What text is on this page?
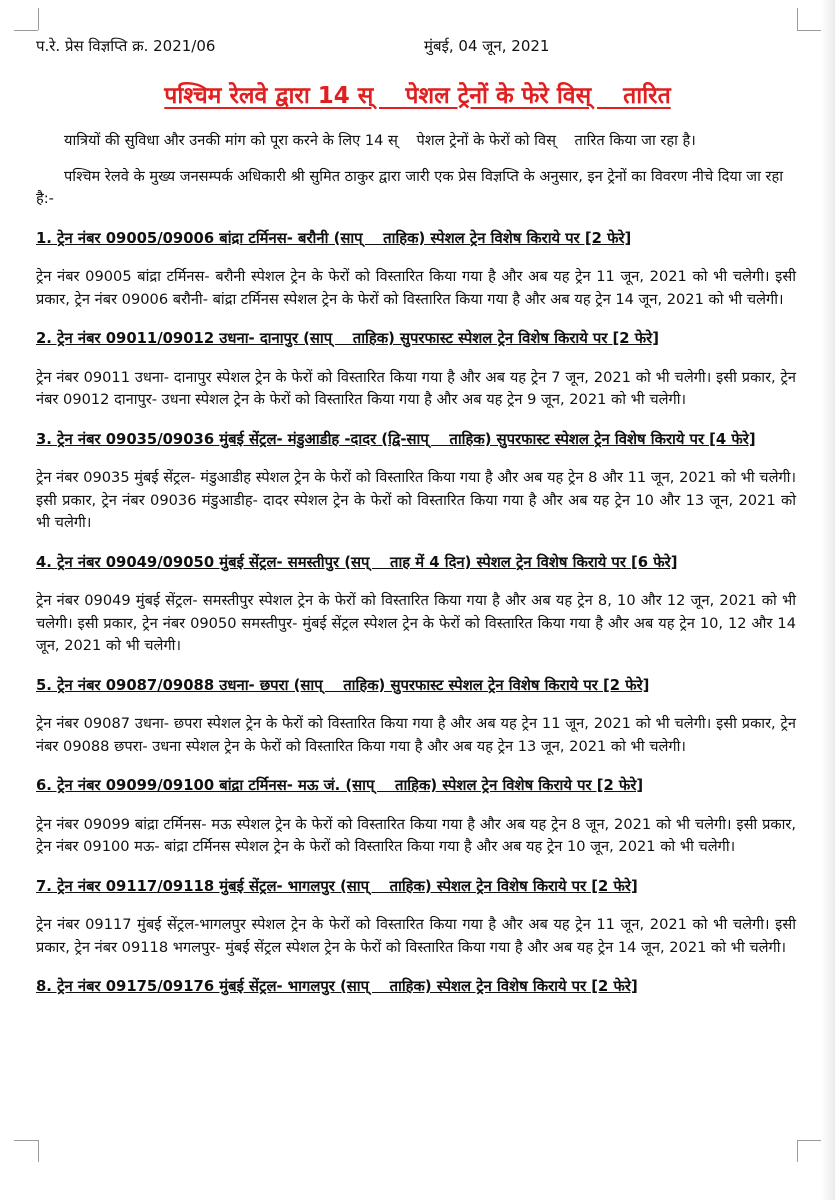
प.रे. प्रेस विज्ञप्ति क्र. 2021/06	मुंबई, 04 जून, 2021
पश्चिम रेलवे द्वारा 14 स्    पेशल ट्रेनों के फेरे विस्    तारित

यात्रियों की सुविधा और उनकी मांग को पूरा करने के लिए 14 स्    पेशल ट्रेनों के फेरों को विस्    तारित किया जा रहा है।

पश्चिम रेलवे के मुख्य जनसम्पर्क अधिकारी श्री सुमित ठाकुर द्वारा जारी एक प्रेस विज्ञप्ति के अनुसार, इन ट्रेनों का विवरण नीचे दिया जा रहा है:-

1. ट्रेन नंबर 09005/09006 बांद्रा टर्मिनस- बरौनी (साप्    ताहिक) स्पेशल ट्रेन विशेष किराये पर [2 फेरे]

ट्रेन नंबर 09005 बांद्रा टर्मिनस- बरौनी स्पेशल ट्रेन के फेरों को विस्तारित किया गया है और अब यह ट्रेन 11 जून, 2021 को भी चलेगी। इसी प्रकार, ट्रेन नंबर 09006 बरौनी- बांद्रा टर्मिनस स्पेशल ट्रेन के फेरों को विस्तारित किया गया है और अब यह ट्रेन 14 जून, 2021 को भी चलेगी।

2. ट्रेन नंबर 09011/09012 उधना- दानापुर (साप्    ताहिक) सुपरफास्ट स्पेशल ट्रेन विशेष किराये पर [2 फेरे]

ट्रेन नंबर 09011 उधना- दानापुर स्पेशल ट्रेन के फेरों को विस्तारित किया गया है और अब यह ट्रेन 7 जून, 2021 को भी चलेगी। इसी प्रकार, ट्रेन नंबर 09012 दानापुर- उधना स्पेशल ट्रेन के फेरों को विस्तारित किया गया है और अब यह ट्रेन 9 जून, 2021 को भी चलेगी।

3. ट्रेन नंबर 09035/09036 मुंबई सेंट्रल- मंडुआडीह -दादर (द्वि-साप्    ताहिक) सुपरफास्ट स्पेशल ट्रेन विशेष किराये पर [4 फेरे]

ट्रेन नंबर 09035 मुंबई सेंट्रल- मंडुआडीह स्पेशल ट्रेन के फेरों को विस्तारित किया गया है और अब यह ट्रेन 8 और 11 जून, 2021 को भी चलेगी। इसी प्रकार, ट्रेन नंबर 09036 मंडुआडीह- दादर स्पेशल ट्रेन के फेरों को विस्तारित किया गया है और अब यह ट्रेन 10 और 13 जून, 2021 को भी चलेगी।

4. ट्रेन नंबर 09049/09050 मुंबई सेंट्रल- समस्तीपुर (सप्    ताह में 4 दिन) स्पेशल ट्रेन विशेष किराये पर [6 फेरे]

ट्रेन नंबर 09049 मुंबई सेंट्रल- समस्तीपुर स्पेशल ट्रेन के फेरों को विस्तारित किया गया है और अब यह ट्रेन 8, 10 और 12 जून, 2021 को भी चलेगी। इसी प्रकार, ट्रेन नंबर 09050 समस्तीपुर- मुंबई सेंट्रल स्पेशल ट्रेन के फेरों को विस्तारित किया गया है और अब यह ट्रेन 10, 12 और 14 जून, 2021 को भी चलेगी।

5. ट्रेन नंबर 09087/09088 उधना- छपरा (साप्    ताहिक) सुपरफास्ट स्पेशल ट्रेन विशेष किराये पर [2 फेरे]

ट्रेन नंबर 09087 उधना- छपरा स्पेशल ट्रेन के फेरों को विस्तारित किया गया है और अब यह ट्रेन 11 जून, 2021 को भी चलेगी। इसी प्रकार, ट्रेन नंबर 09088 छपरा- उधना स्पेशल ट्रेन के फेरों को विस्तारित किया गया है और अब यह ट्रेन 13 जून, 2021 को भी चलेगी।

6. ट्रेन नंबर 09099/09100 बांद्रा टर्मिनस- मऊ जं. (साप्    ताहिक) स्पेशल ट्रेन विशेष किराये पर [2 फेरे]

ट्रेन नंबर 09099 बांद्रा टर्मिनस- मऊ स्पेशल ट्रेन के फेरों को विस्तारित किया गया है और अब यह ट्रेन 8 जून, 2021 को भी चलेगी। इसी प्रकार, ट्रेन नंबर 09100 मऊ- बांद्रा टर्मिनस स्पेशल ट्रेन के फेरों को विस्तारित किया गया है और अब यह ट्रेन 10 जून, 2021 को भी चलेगी।

7. ट्रेन नंबर 09117/09118 मुंबई सेंट्रल- भागलपुर (साप्    ताहिक) स्पेशल ट्रेन विशेष किराये पर [2 फेरे]

ट्रेन नंबर 09117 मुंबई सेंट्रल-भागलपुर स्पेशल ट्रेन के फेरों को विस्तारित किया गया है और अब यह ट्रेन 11 जून, 2021 को भी चलेगी। इसी प्रकार, ट्रेन नंबर 09118 भगलपुर- मुंबई सेंट्रल स्पेशल ट्रेन के फेरों को विस्तारित किया गया है और अब यह ट्रेन 14 जून, 2021 को भी चलेगी।

8. ट्रेन नंबर 09175/09176 मुंबई सेंट्रल- भागलपुर (साप्    ताहिक) स्पेशल ट्रेन विशेष किराये पर [2 फेरे]
